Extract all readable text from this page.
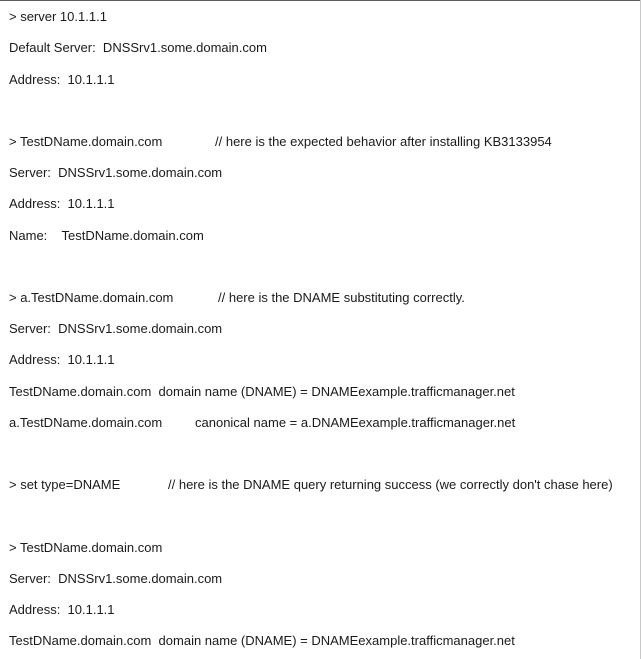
> server 10.1.1.1
Default Server:  DNSSrv1.some.domain.com
Address:  10.1.1.1
> TestDName.domain.com	// here is the expected behavior after installing KB3133954
Server:  DNSSrv1.some.domain.com
Address:  10.1.1.1
Name:    TestDName.domain.com
> a.TestDName.domain.com	// here is the DNAME substituting correctly.
Server:  DNSSrv1.some.domain.com
Address:  10.1.1.1
TestDName.domain.com  domain name (DNAME) = DNAMEexample.trafficmanager.net
a.TestDName.domain.com	canonical name = a.DNAMEexample.trafficmanager.net
> set type=DNAME	// here is the DNAME query returning success (we correctly don't chase here)
> TestDName.domain.com
Server:  DNSSrv1.some.domain.com
Address:  10.1.1.1
TestDName.domain.com  domain name (DNAME) = DNAMEexample.trafficmanager.net
